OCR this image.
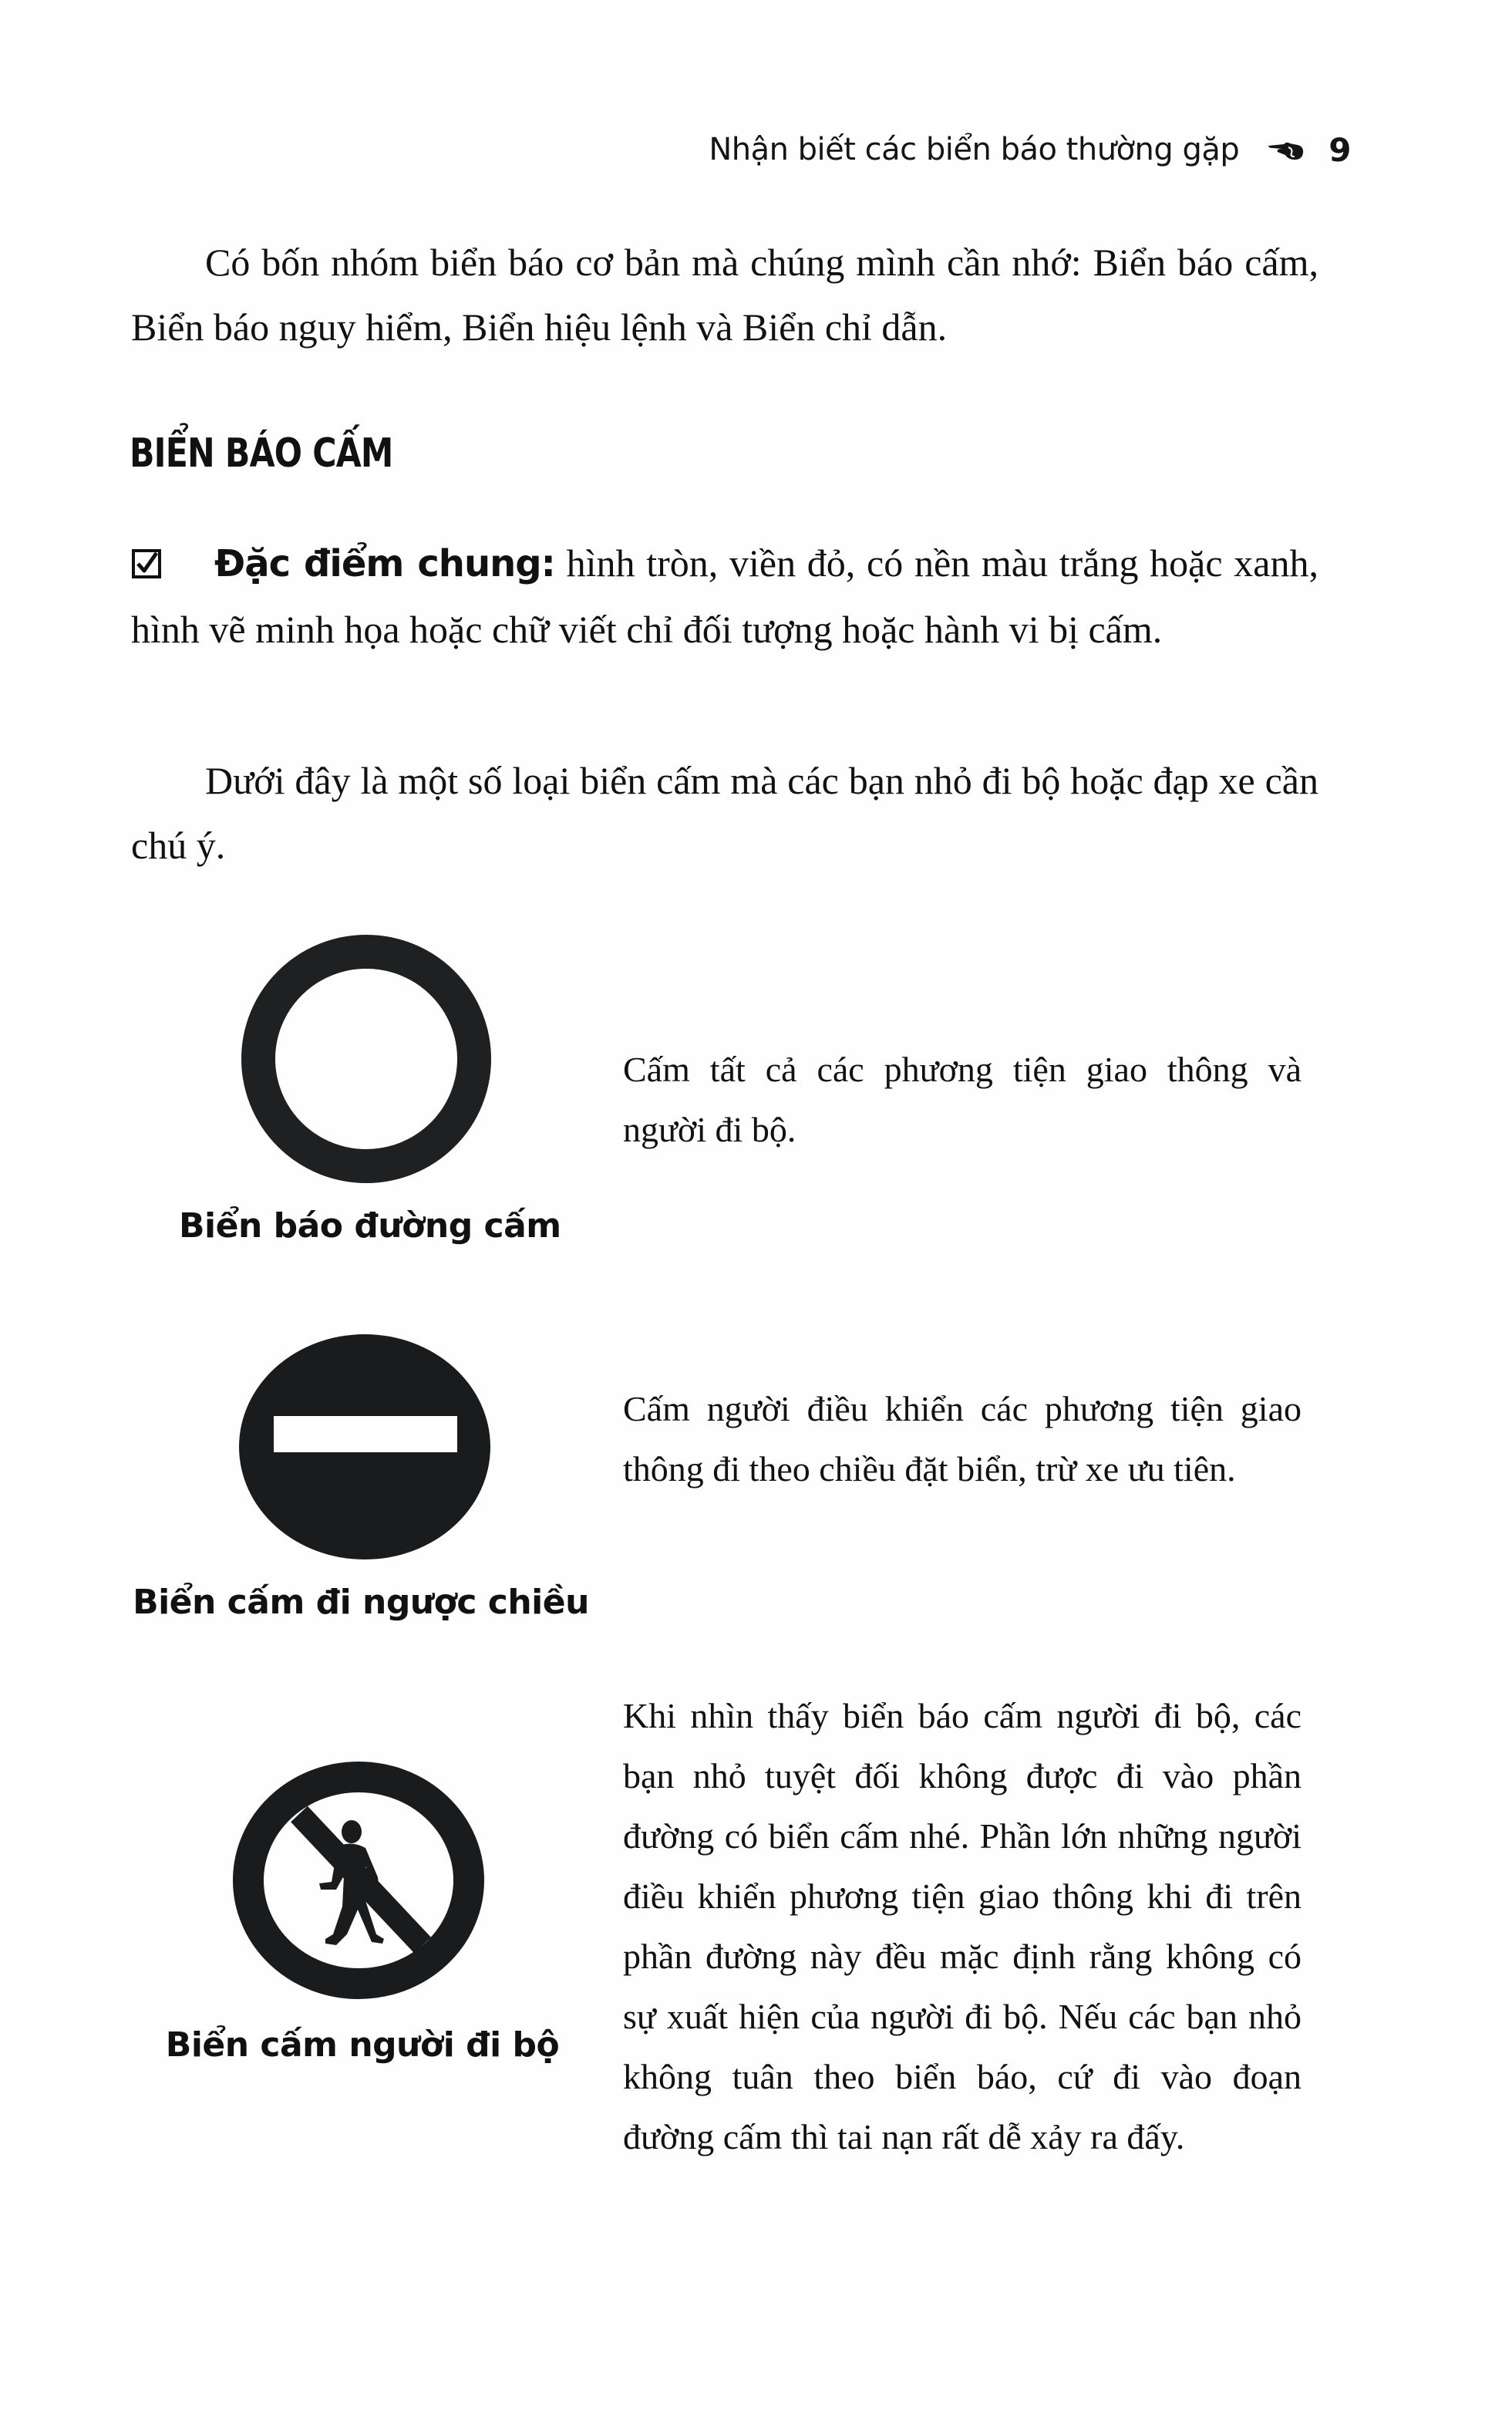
Nhận biết các biển báo thường gặp	9

Có bốn nhóm biển báo cơ bản mà chúng mình cần nhớ: Biển báo cấm, Biển báo nguy hiểm, Biển hiệu lệnh và Biển chỉ dẫn.

BIỂN BÁO CẤM

Đặc điểm chung: hình tròn, viền đỏ, có nền màu trắng hoặc xanh, hình vẽ minh họa hoặc chữ viết chỉ đối tượng hoặc hành vi bị cấm.

Dưới đây là một số loại biển cấm mà các bạn nhỏ đi bộ hoặc đạp xe cần chú ý.

Biển báo đường cấm

Cấm tất cả các phương tiện giao thông và người đi bộ.

Biển cấm đi ngược chiều

Cấm người điều khiển các phương tiện giao thông đi theo chiều đặt biển, trừ xe ưu tiên.

Biển cấm người đi bộ

Khi nhìn thấy biển báo cấm người đi bộ, các bạn nhỏ tuyệt đối không được đi vào phần đường có biển cấm nhé. Phần lớn những người điều khiển phương tiện giao thông khi đi trên phần đường này đều mặc định rằng không có sự xuất hiện của người đi bộ. Nếu các bạn nhỏ không tuân theo biển báo, cứ đi vào đoạn đường cấm thì tai nạn rất dễ xảy ra đấy.
